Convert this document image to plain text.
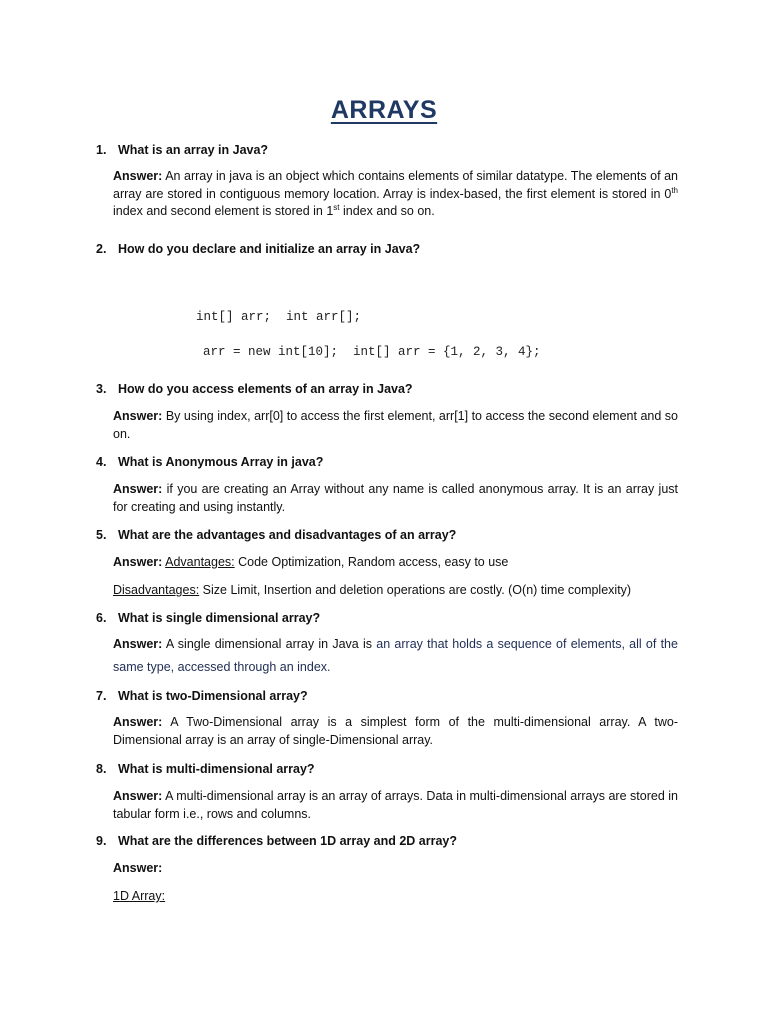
ARRAYS
1. What is an array in Java?
Answer: An array in java is an object which contains elements of similar datatype. The elements of an array are stored in contiguous memory location. Array is index-based, the first element is stored in 0th index and second element is stored in 1st index and so on.
2. How do you declare and initialize an array in Java?
int[] arr;  int arr[];
arr = new int[10];  int[] arr = {1, 2, 3, 4};
3. How do you access elements of an array in Java?
Answer: By using index, arr[0] to access the first element, arr[1] to access the second element and so on.
4. What is Anonymous Array in java?
Answer: if you are creating an Array without any name is called anonymous array. It is an array just for creating and using instantly.
5. What are the advantages and disadvantages of an array?
Answer: Advantages: Code Optimization, Random access, easy to use
Disadvantages: Size Limit, Insertion and deletion operations are costly. (O(n) time complexity)
6. What is single dimensional array?
Answer: A single dimensional array in Java is an array that holds a sequence of elements, all of the same type, accessed through an index.
7. What is two-Dimensional array?
Answer: A Two-Dimensional array is a simplest form of the multi-dimensional array. A two-Dimensional array is an array of single-Dimensional array.
8. What is multi-dimensional array?
Answer: A multi-dimensional array is an array of arrays. Data in multi-dimensional arrays are stored in tabular form i.e., rows and columns.
9. What are the differences between 1D array and 2D array?
Answer:
1D Array:
